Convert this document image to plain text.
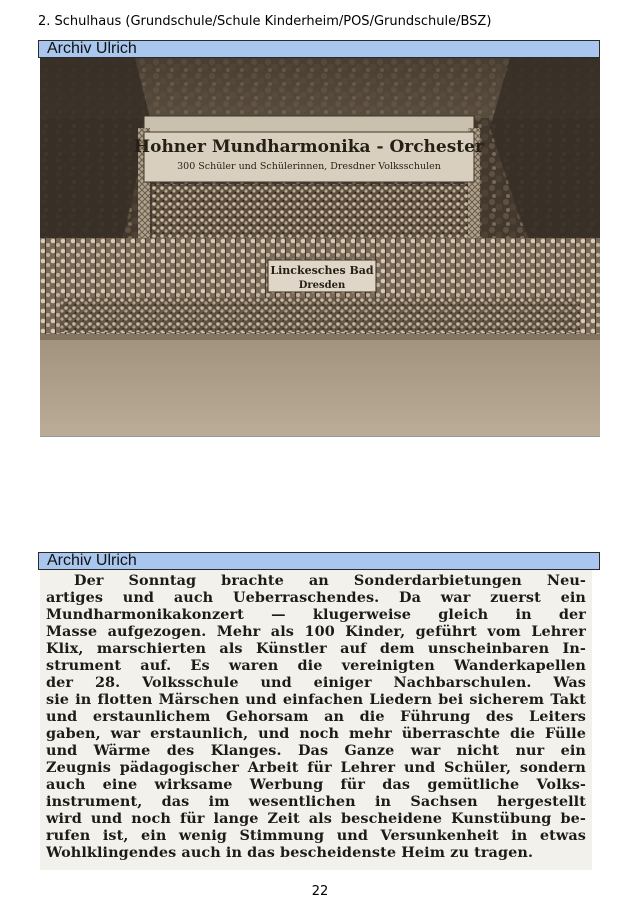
2. Schulhaus (Grundschule/Schule Kinderheim/POS/Grundschule/BSZ)
Archiv Ulrich
Hohner Mundharmonika - Orchester
300 Schüler und Schülerinnen, Dresdner Volksschulen
Linckesches Bad
Dresden
Archiv Ulrich
Der Sonntag brachte an Sonderdarbietungen Neu-
artiges und auch Ueberraschendes. Da war zuerst ein
Mundharmonikakonzert — klugerweise gleich in der
Masse aufgezogen. Mehr als 100 Kinder, geführt vom Lehrer
Klix, marschierten als Künstler auf dem unscheinbaren In-
strument auf. Es waren die vereinigten Wanderkapellen
der 28. Volksschule und einiger Nachbarschulen. Was
sie in flotten Märschen und einfachen Liedern bei sicherem Takt
und erstaunlichem Gehorsam an die Führung des Leiters
gaben, war erstaunlich, und noch mehr überraschte die Fülle
und Wärme des Klanges. Das Ganze war nicht nur ein
Zeugnis pädagogischer Arbeit für Lehrer und Schüler, sondern
auch eine wirksame Werbung für das gemütliche Volks-
instrument, das im wesentlichen in Sachsen hergestellt
wird und noch für lange Zeit als bescheidene Kunstübung be-
rufen ist, ein wenig Stimmung und Versunkenheit in etwas
Wohlklingendes auch in das bescheidenste Heim zu tragen.
22
